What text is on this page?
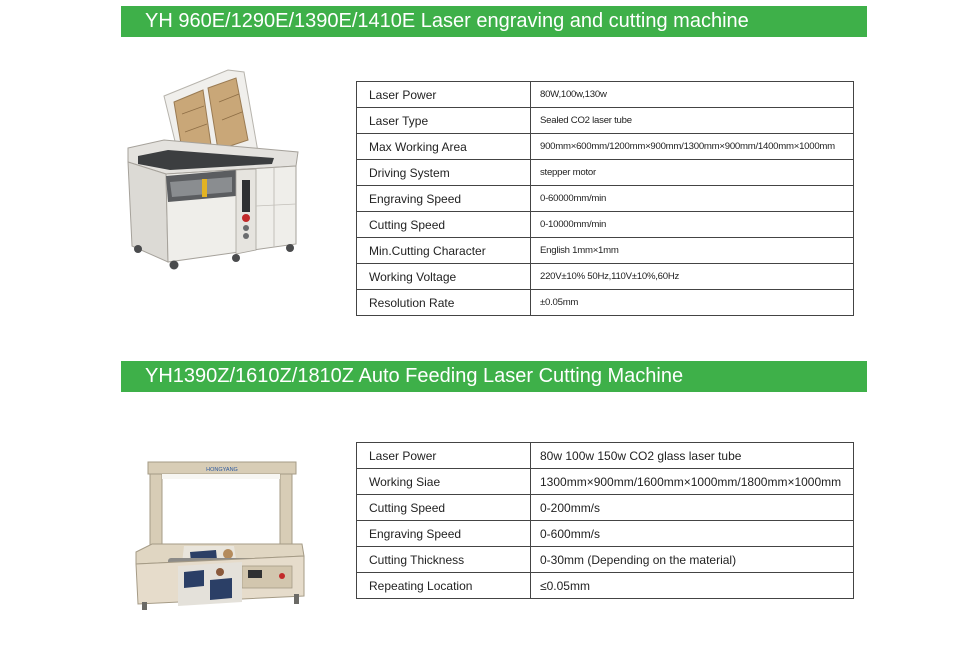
YH 960E/1290E/1390E/1410E Laser engraving and cutting machine
Laser Power	80W,100w,130w
Laser Type	Sealed CO2 laser tube
Max Working Area	900mm×600mm/1200mm×900mm/1300mm×900mm/1400mm×1000mm
Driving System	stepper motor
Engraving Speed	0-60000mm/min
Cutting Speed	0-10000mm/min
Min.Cutting Character	English 1mm×1mm
Working Voltage	220V±10% 50Hz,110V±10%,60Hz
Resolution Rate	±0.05mm
YH1390Z/1610Z/1810Z Auto Feeding Laser Cutting Machine
HONGYANG
Laser Power	80w 100w 150w CO2 glass laser tube
Working Siae	1300mm×900mm/1600mm×1000mm/1800mm×1000mm
Cutting Speed	0-200mm/s
Engraving Speed	0-600mm/s
Cutting Thickness	0-30mm (Depending on the material)
Repeating Location	≤0.05mm
